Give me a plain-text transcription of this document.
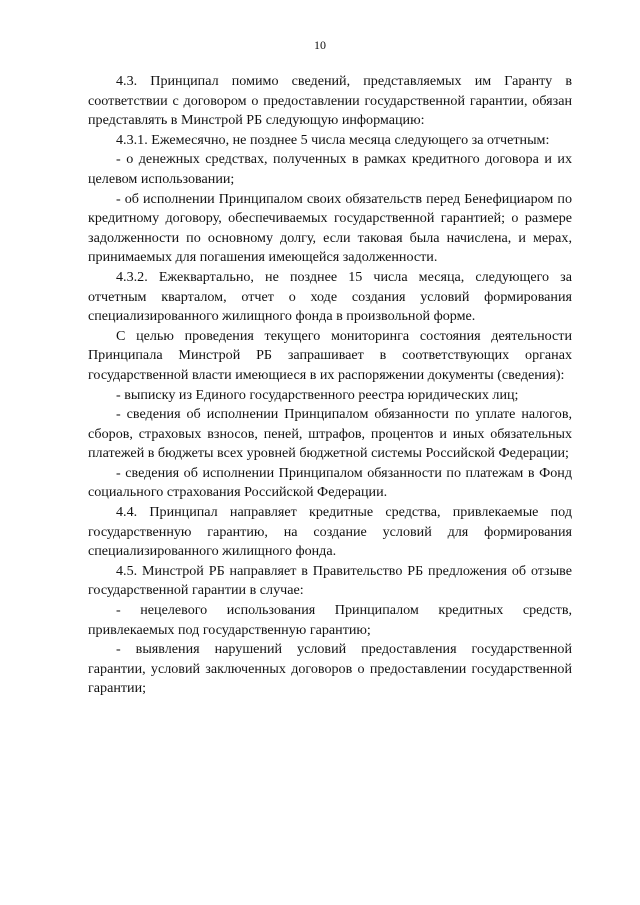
10

4.3. Принципал помимо сведений, представляемых им Гаранту в соответствии с договором о предоставлении государственной гарантии, обязан представлять в Минстрой РБ следующую информацию:

4.3.1. Ежемесячно, не позднее 5 числа месяца следующего за отчетным:

- о денежных средствах, полученных в рамках кредитного договора и их целевом использовании;

- об исполнении Принципалом своих обязательств перед Бенефициаром по кредитному договору, обеспечиваемых государственной гарантией; о размере задолженности по основному долгу, если таковая была начислена, и мерах, принимаемых для погашения имеющейся задолженности.

4.3.2. Ежеквартально, не позднее 15 числа месяца, следующего за отчетным кварталом, отчет о ходе создания условий формирования специализированного жилищного фонда в произвольной форме.

С целью проведения текущего мониторинга состояния деятельности Принципала Минстрой РБ запрашивает в соответствующих органах государственной власти имеющиеся в их распоряжении документы (сведения):

- выписку из Единого государственного реестра юридических лиц;

- сведения об исполнении Принципалом обязанности по уплате налогов, сборов, страховых взносов, пеней, штрафов, процентов и иных обязательных платежей в бюджеты всех уровней бюджетной системы Российской Федерации;

- сведения об исполнении Принципалом обязанности по платежам в Фонд социального страхования Российской Федерации.

4.4. Принципал направляет кредитные средства, привлекаемые под государственную гарантию, на создание условий для формирования специализированного жилищного фонда.

4.5. Минстрой РБ направляет в Правительство РБ предложения об отзыве государственной гарантии в случае:

- нецелевого использования Принципалом кредитных средств, привлекаемых под государственную гарантию;

- выявления нарушений условий предоставления государственной гарантии, условий заключенных договоров о предоставлении государственной гарантии;
